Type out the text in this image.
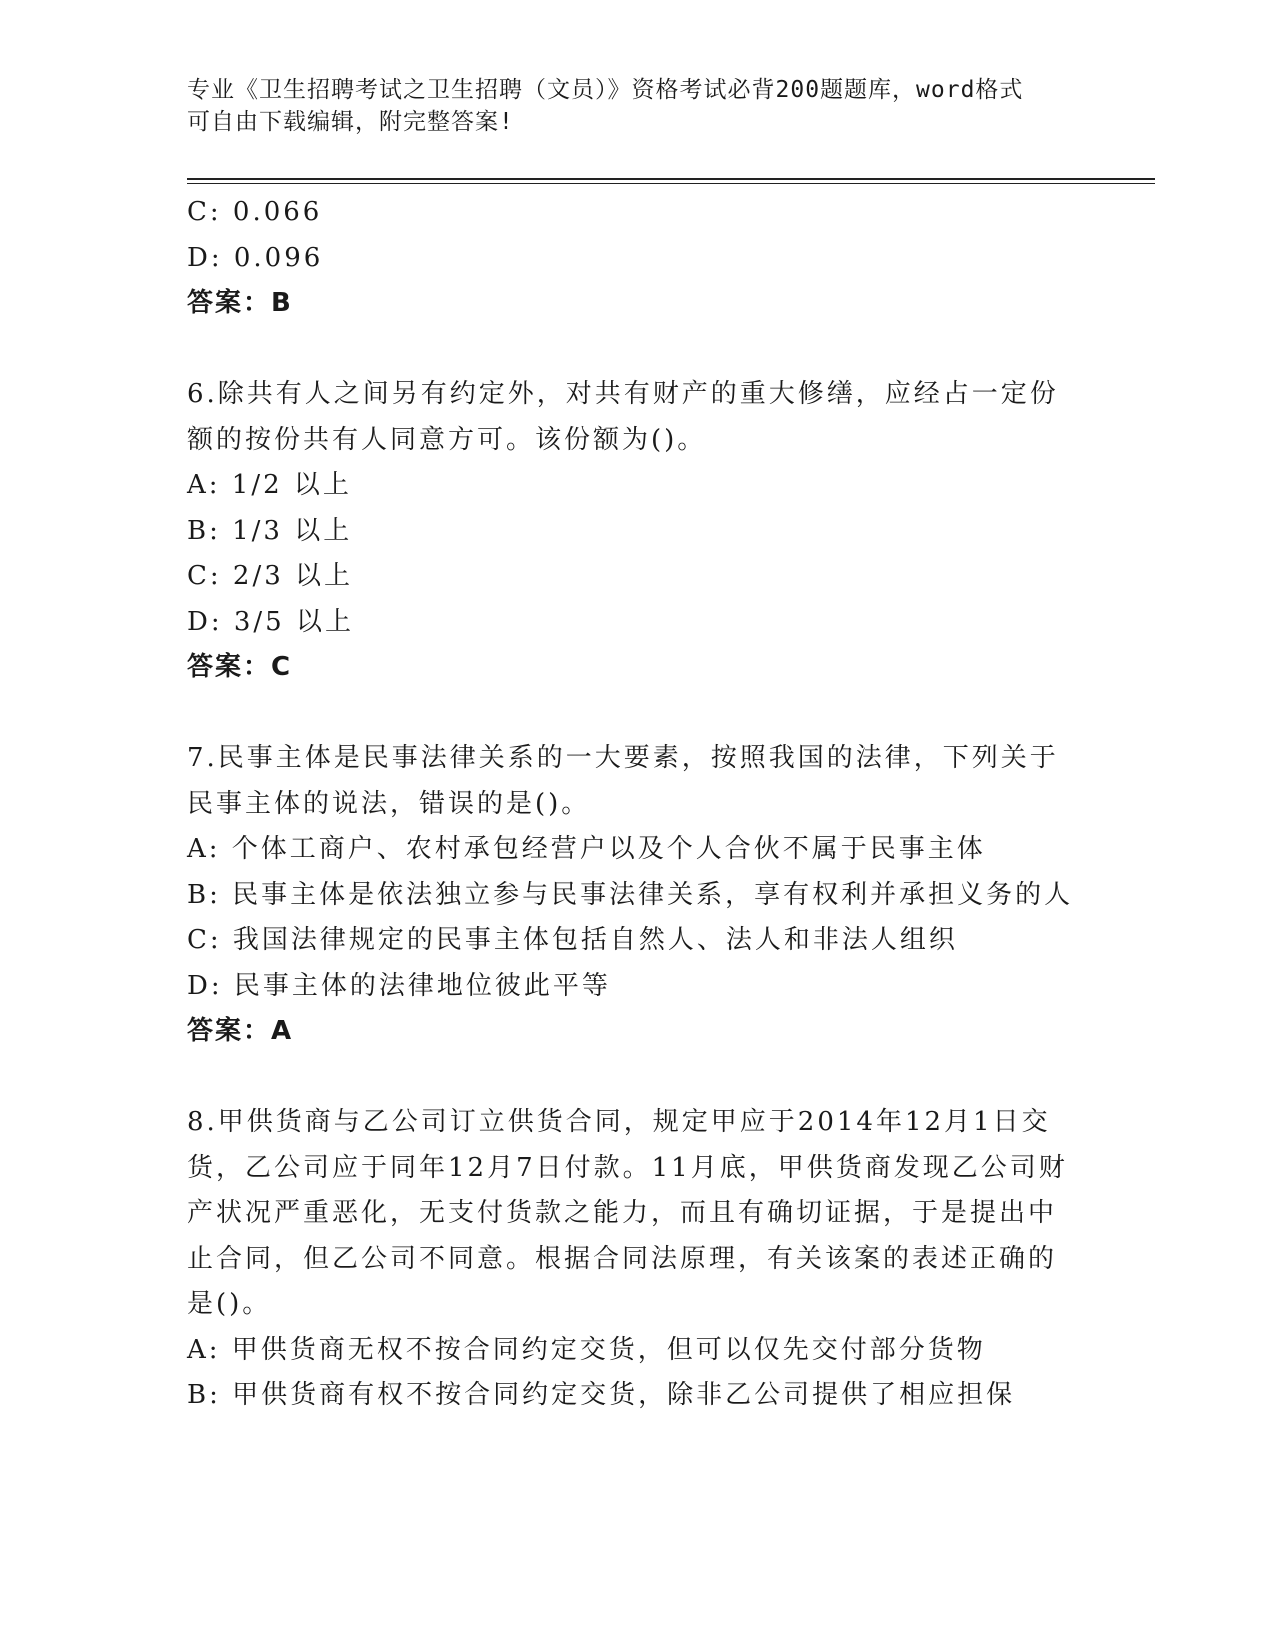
专业《卫生招聘考试之卫生招聘（文员）》资格考试必背200题题库，word格式
可自由下载编辑，附完整答案!
C: 0.066
D: 0.096
答案：B
6.除共有人之间另有约定外，对共有财产的重大修缮，应经占一定份
额的按份共有人同意方可。该份额为()。
A: 1/2 以上
B: 1/3 以上
C: 2/3 以上
D: 3/5 以上
答案：C
7.民事主体是民事法律关系的一大要素，按照我国的法律，下列关于
民事主体的说法，错误的是()。
A: 个体工商户、农村承包经营户以及个人合伙不属于民事主体
B: 民事主体是依法独立参与民事法律关系，享有权利并承担义务的人
C: 我国法律规定的民事主体包括自然人、法人和非法人组织
D: 民事主体的法律地位彼此平等
答案：A
8.甲供货商与乙公司订立供货合同，规定甲应于2014年12月1日交
货，乙公司应于同年12月7日付款。11月底，甲供货商发现乙公司财
产状况严重恶化，无支付货款之能力，而且有确切证据，于是提出中
止合同，但乙公司不同意。根据合同法原理，有关该案的表述正确的
是()。
A: 甲供货商无权不按合同约定交货，但可以仅先交付部分货物
B: 甲供货商有权不按合同约定交货，除非乙公司提供了相应担保
